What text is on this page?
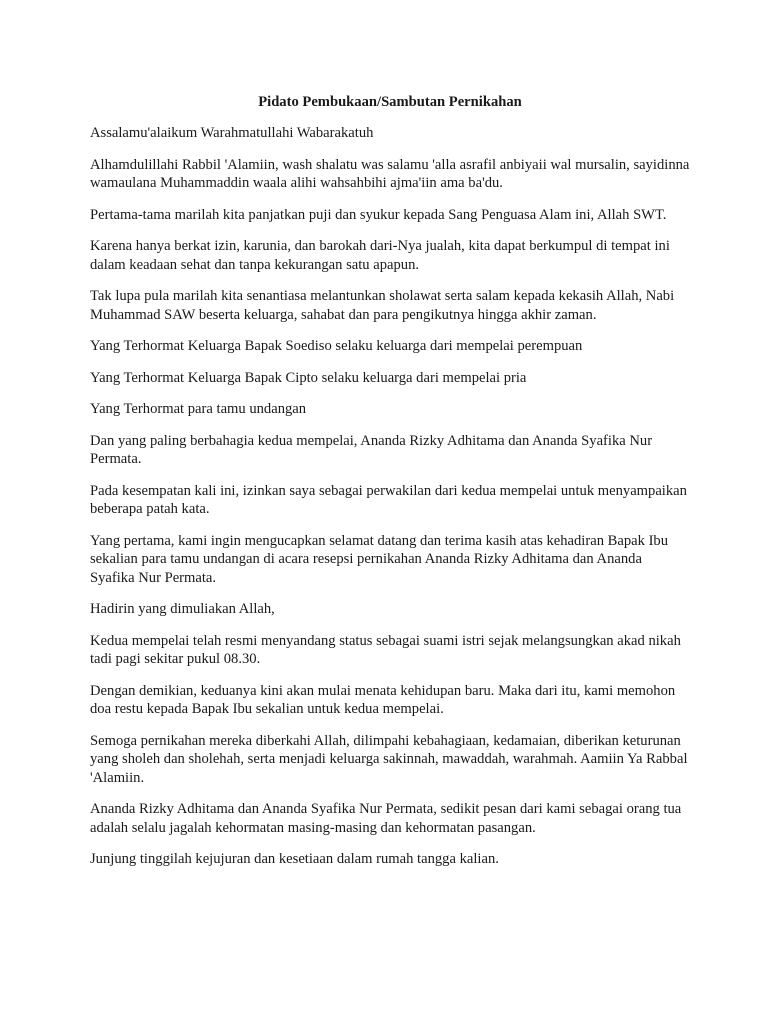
Pidato Pembukaan/Sambutan Pernikahan

Assalamu'alaikum Warahmatullahi Wabarakatuh

Alhamdulillahi Rabbil 'Alamiin, wash shalatu was salamu 'alla asrafil anbiyaii wal mursalin, sayidinna wamaulana Muhammaddin waala alihi wahsahbihi ajma'iin ama ba'du.

Pertama-tama marilah kita panjatkan puji dan syukur kepada Sang Penguasa Alam ini, Allah SWT.

Karena hanya berkat izin, karunia, dan barokah dari-Nya jualah, kita dapat berkumpul di tempat ini dalam keadaan sehat dan tanpa kekurangan satu apapun.

Tak lupa pula marilah kita senantiasa melantunkan sholawat serta salam kepada kekasih Allah, Nabi Muhammad SAW beserta keluarga, sahabat dan para pengikutnya hingga akhir zaman.

Yang Terhormat Keluarga Bapak Soediso selaku keluarga dari mempelai perempuan

Yang Terhormat Keluarga Bapak Cipto selaku keluarga dari mempelai pria

Yang Terhormat para tamu undangan

Dan yang paling berbahagia kedua mempelai, Ananda Rizky Adhitama dan Ananda Syafika Nur Permata.

Pada kesempatan kali ini, izinkan saya sebagai perwakilan dari kedua mempelai untuk menyampaikan beberapa patah kata.

Yang pertama, kami ingin mengucapkan selamat datang dan terima kasih atas kehadiran Bapak Ibu sekalian para tamu undangan di acara resepsi pernikahan Ananda Rizky Adhitama dan Ananda Syafika Nur Permata.

Hadirin yang dimuliakan Allah,

Kedua mempelai telah resmi menyandang status sebagai suami istri sejak melangsungkan akad nikah tadi pagi sekitar pukul 08.30.

Dengan demikian, keduanya kini akan mulai menata kehidupan baru. Maka dari itu, kami memohon doa restu kepada Bapak Ibu sekalian untuk kedua mempelai.

Semoga pernikahan mereka diberkahi Allah, dilimpahi kebahagiaan, kedamaian, diberikan keturunan yang sholeh dan sholehah, serta menjadi keluarga sakinnah, mawaddah, warahmah. Aamiin Ya Rabbal 'Alamiin.

Ananda Rizky Adhitama dan Ananda Syafika Nur Permata, sedikit pesan dari kami sebagai orang tua adalah selalu jagalah kehormatan masing-masing dan kehormatan pasangan.

Junjung tinggilah kejujuran dan kesetiaan dalam rumah tangga kalian.
